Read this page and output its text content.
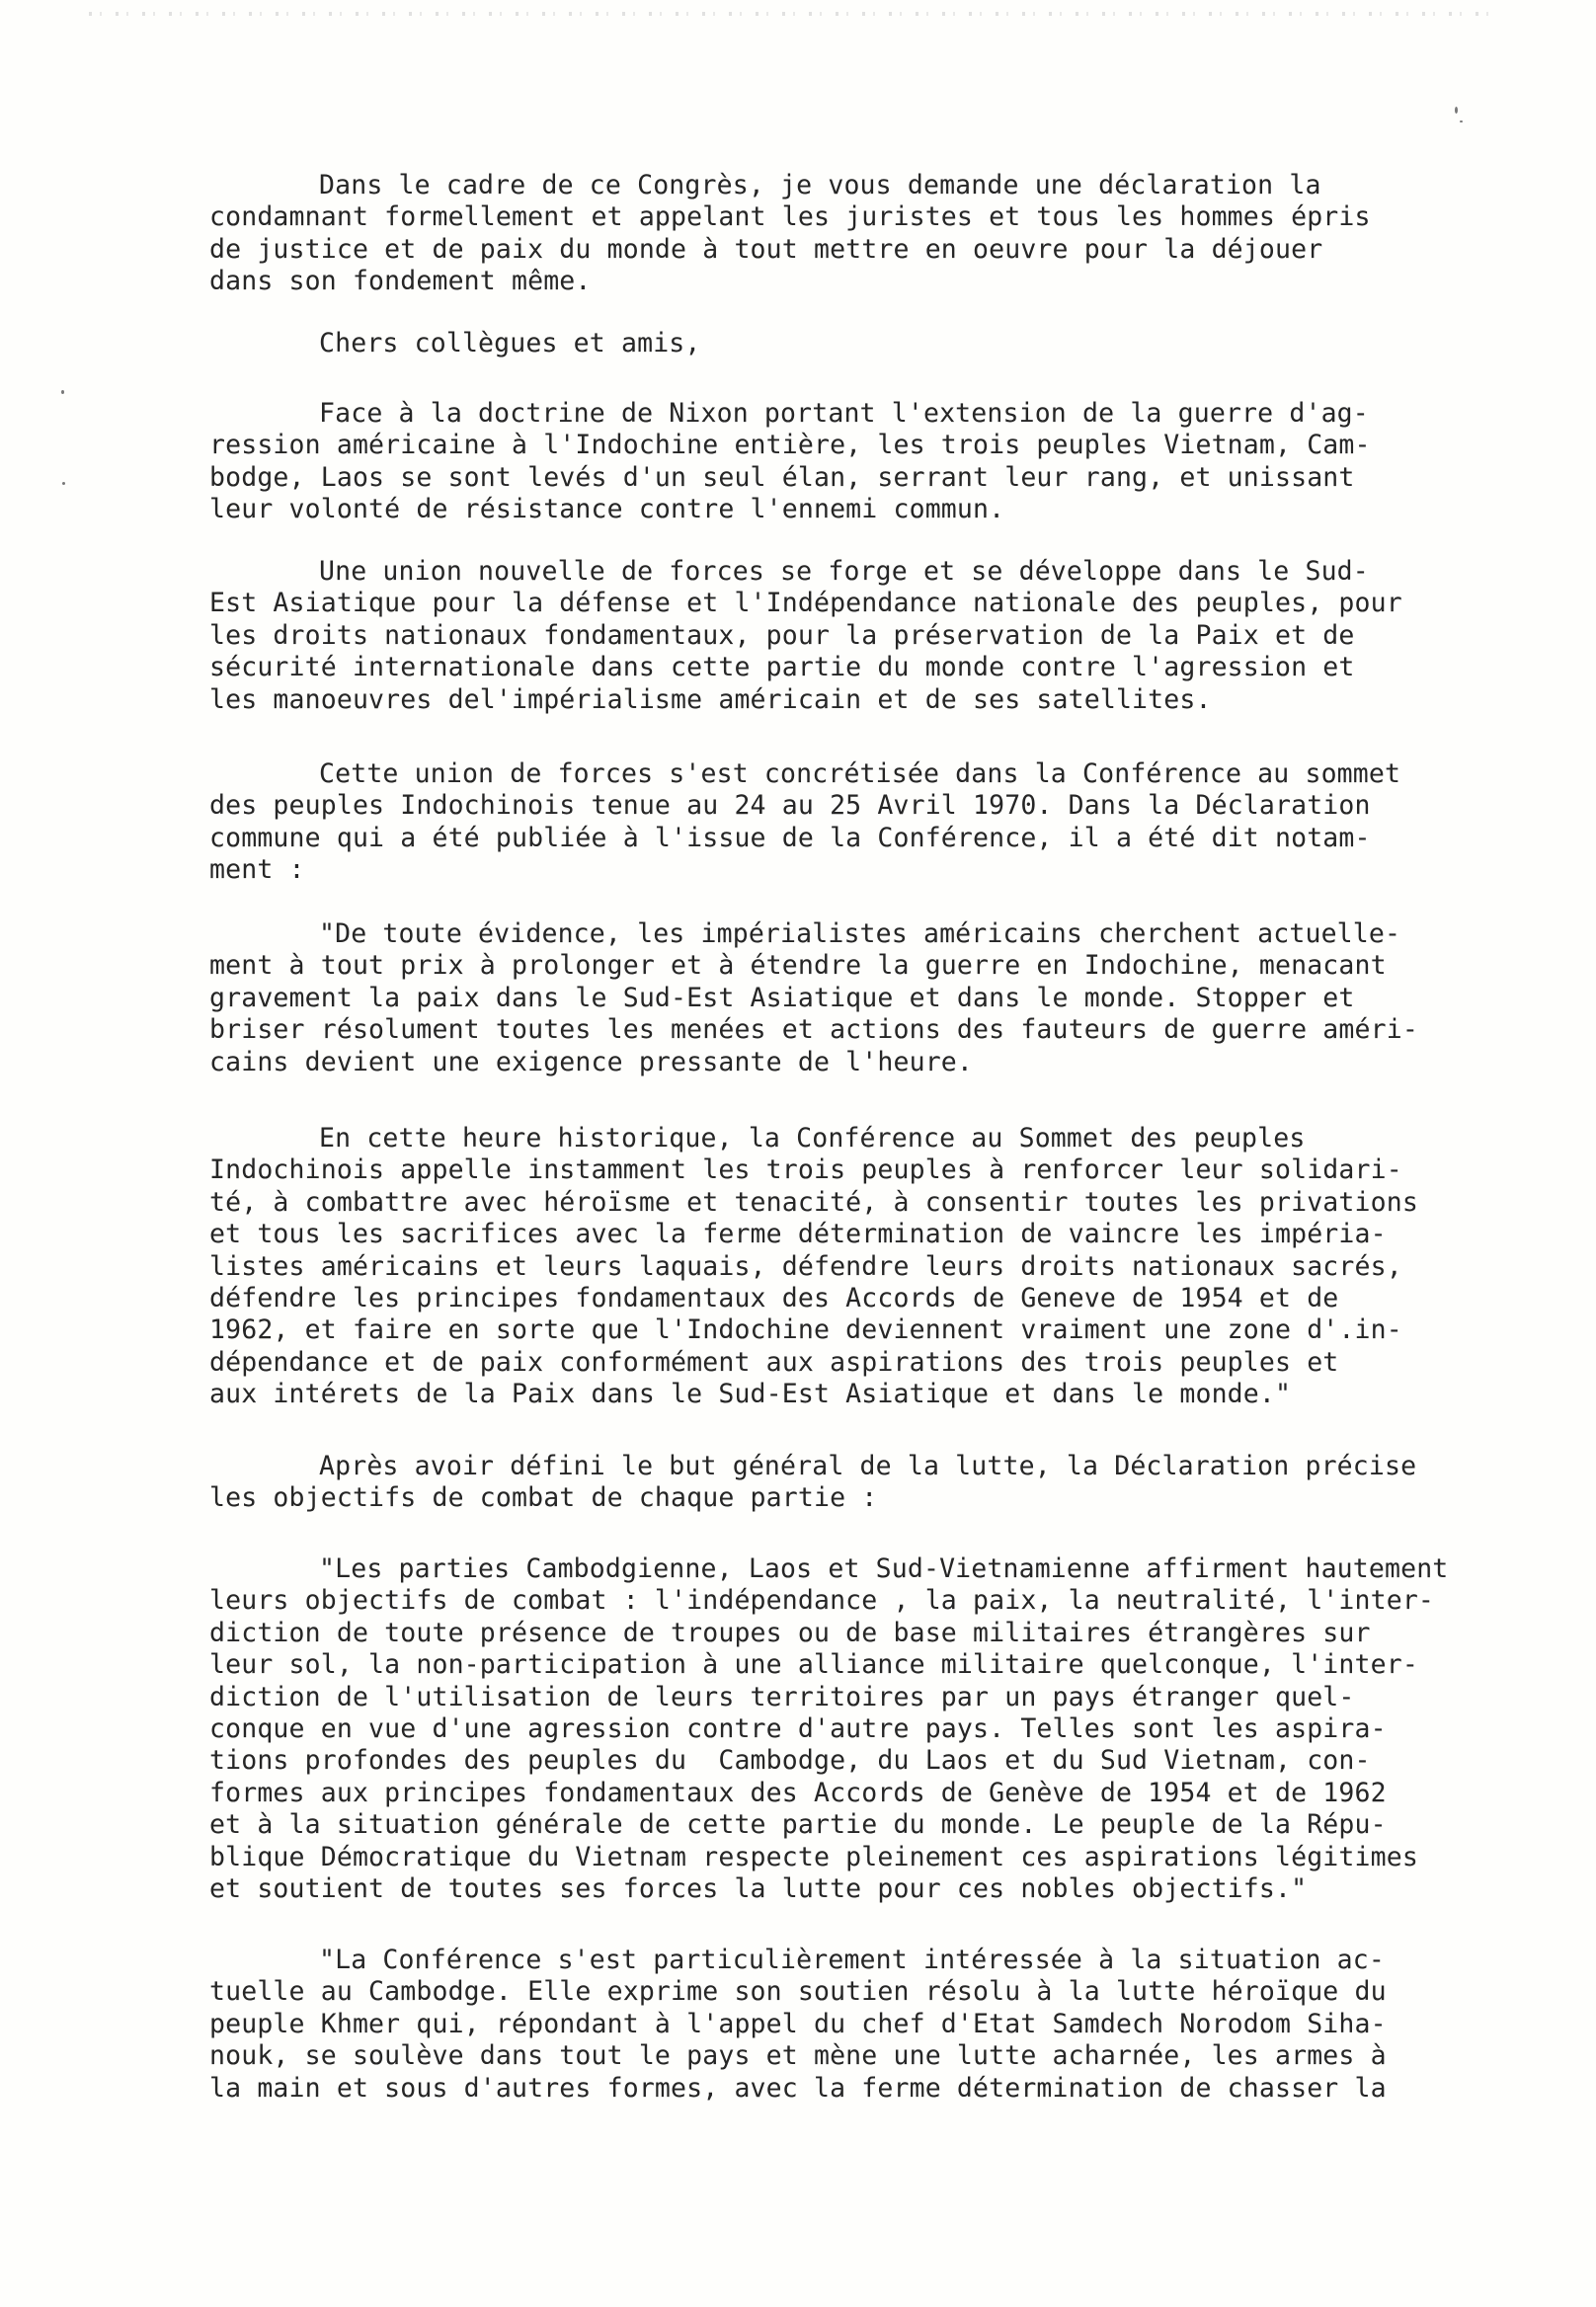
Dans le cadre de ce Congrès, je vous demande une déclaration la
condamnant formellement et appelant les juristes et tous les hommes épris
de justice et de paix du monde à tout mettre en oeuvre pour la déjouer
dans son fondement même.
Chers collègues et amis,
Face à la doctrine de Nixon portant l'extension de la guerre d'ag-
ression américaine à l'Indochine entière, les trois peuples Vietnam, Cam-
bodge, Laos se sont levés d'un seul élan, serrant leur rang, et unissant
leur volonté de résistance contre l'ennemi commun.
Une union nouvelle de forces se forge et se développe dans le Sud-
Est Asiatique pour la défense et l'Indépendance nationale des peuples, pour
les droits nationaux fondamentaux, pour la préservation de la Paix et de
sécurité internationale dans cette partie du monde contre l'agression et
les manoeuvres del'impérialisme américain et de ses satellites.
Cette union de forces s'est concrétisée dans la Conférence au sommet
des peuples Indochinois tenue au 24 au 25 Avril 1970. Dans la Déclaration
commune qui a été publiée à l'issue de la Conférence, il a été dit notam-
ment :
"De toute évidence, les impérialistes américains cherchent actuelle-
ment à tout prix à prolonger et à étendre la guerre en Indochine, menacant
gravement la paix dans le Sud-Est Asiatique et dans le monde. Stopper et
briser résolument toutes les menées et actions des fauteurs de guerre améri-
cains devient une exigence pressante de l'heure.
En cette heure historique, la Conférence au Sommet des peuples
Indochinois appelle instamment les trois peuples à renforcer leur solidari-
té, à combattre avec héroïsme et tenacité, à consentir toutes les privations
et tous les sacrifices avec la ferme détermination de vaincre les impéria-
listes américains et leurs laquais, défendre leurs droits nationaux sacrés,
défendre les principes fondamentaux des Accords de Geneve de 1954 et de
1962, et faire en sorte que l'Indochine deviennent vraiment une zone d'.in-
dépendance et de paix conformément aux aspirations des trois peuples et
aux intérets de la Paix dans le Sud-Est Asiatique et dans le monde."
Après avoir défini le but général de la lutte, la Déclaration précise
les objectifs de combat de chaque partie :
"Les parties Cambodgienne, Laos et Sud-Vietnamienne affirment hautement
leurs objectifs de combat : l'indépendance , la paix, la neutralité, l'inter-
diction de toute présence de troupes ou de base militaires étrangères sur
leur sol, la non-participation à une alliance militaire quelconque, l'inter-
diction de l'utilisation de leurs territoires par un pays étranger quel-
conque en vue d'une agression contre d'autre pays. Telles sont les aspira-
tions profondes des peuples du  Cambodge, du Laos et du Sud Vietnam, con-
formes aux principes fondamentaux des Accords de Genève de 1954 et de 1962
et à la situation générale de cette partie du monde. Le peuple de la Répu-
blique Démocratique du Vietnam respecte pleinement ces aspirations légitimes
et soutient de toutes ses forces la lutte pour ces nobles objectifs."
"La Conférence s'est particulièrement intéressée à la situation ac-
tuelle au Cambodge. Elle exprime son soutien résolu à la lutte héroïque du
peuple Khmer qui, répondant à l'appel du chef d'Etat Samdech Norodom Siha-
nouk, se soulève dans tout le pays et mène une lutte acharnée, les armes à
la main et sous d'autres formes, avec la ferme détermination de chasser la
